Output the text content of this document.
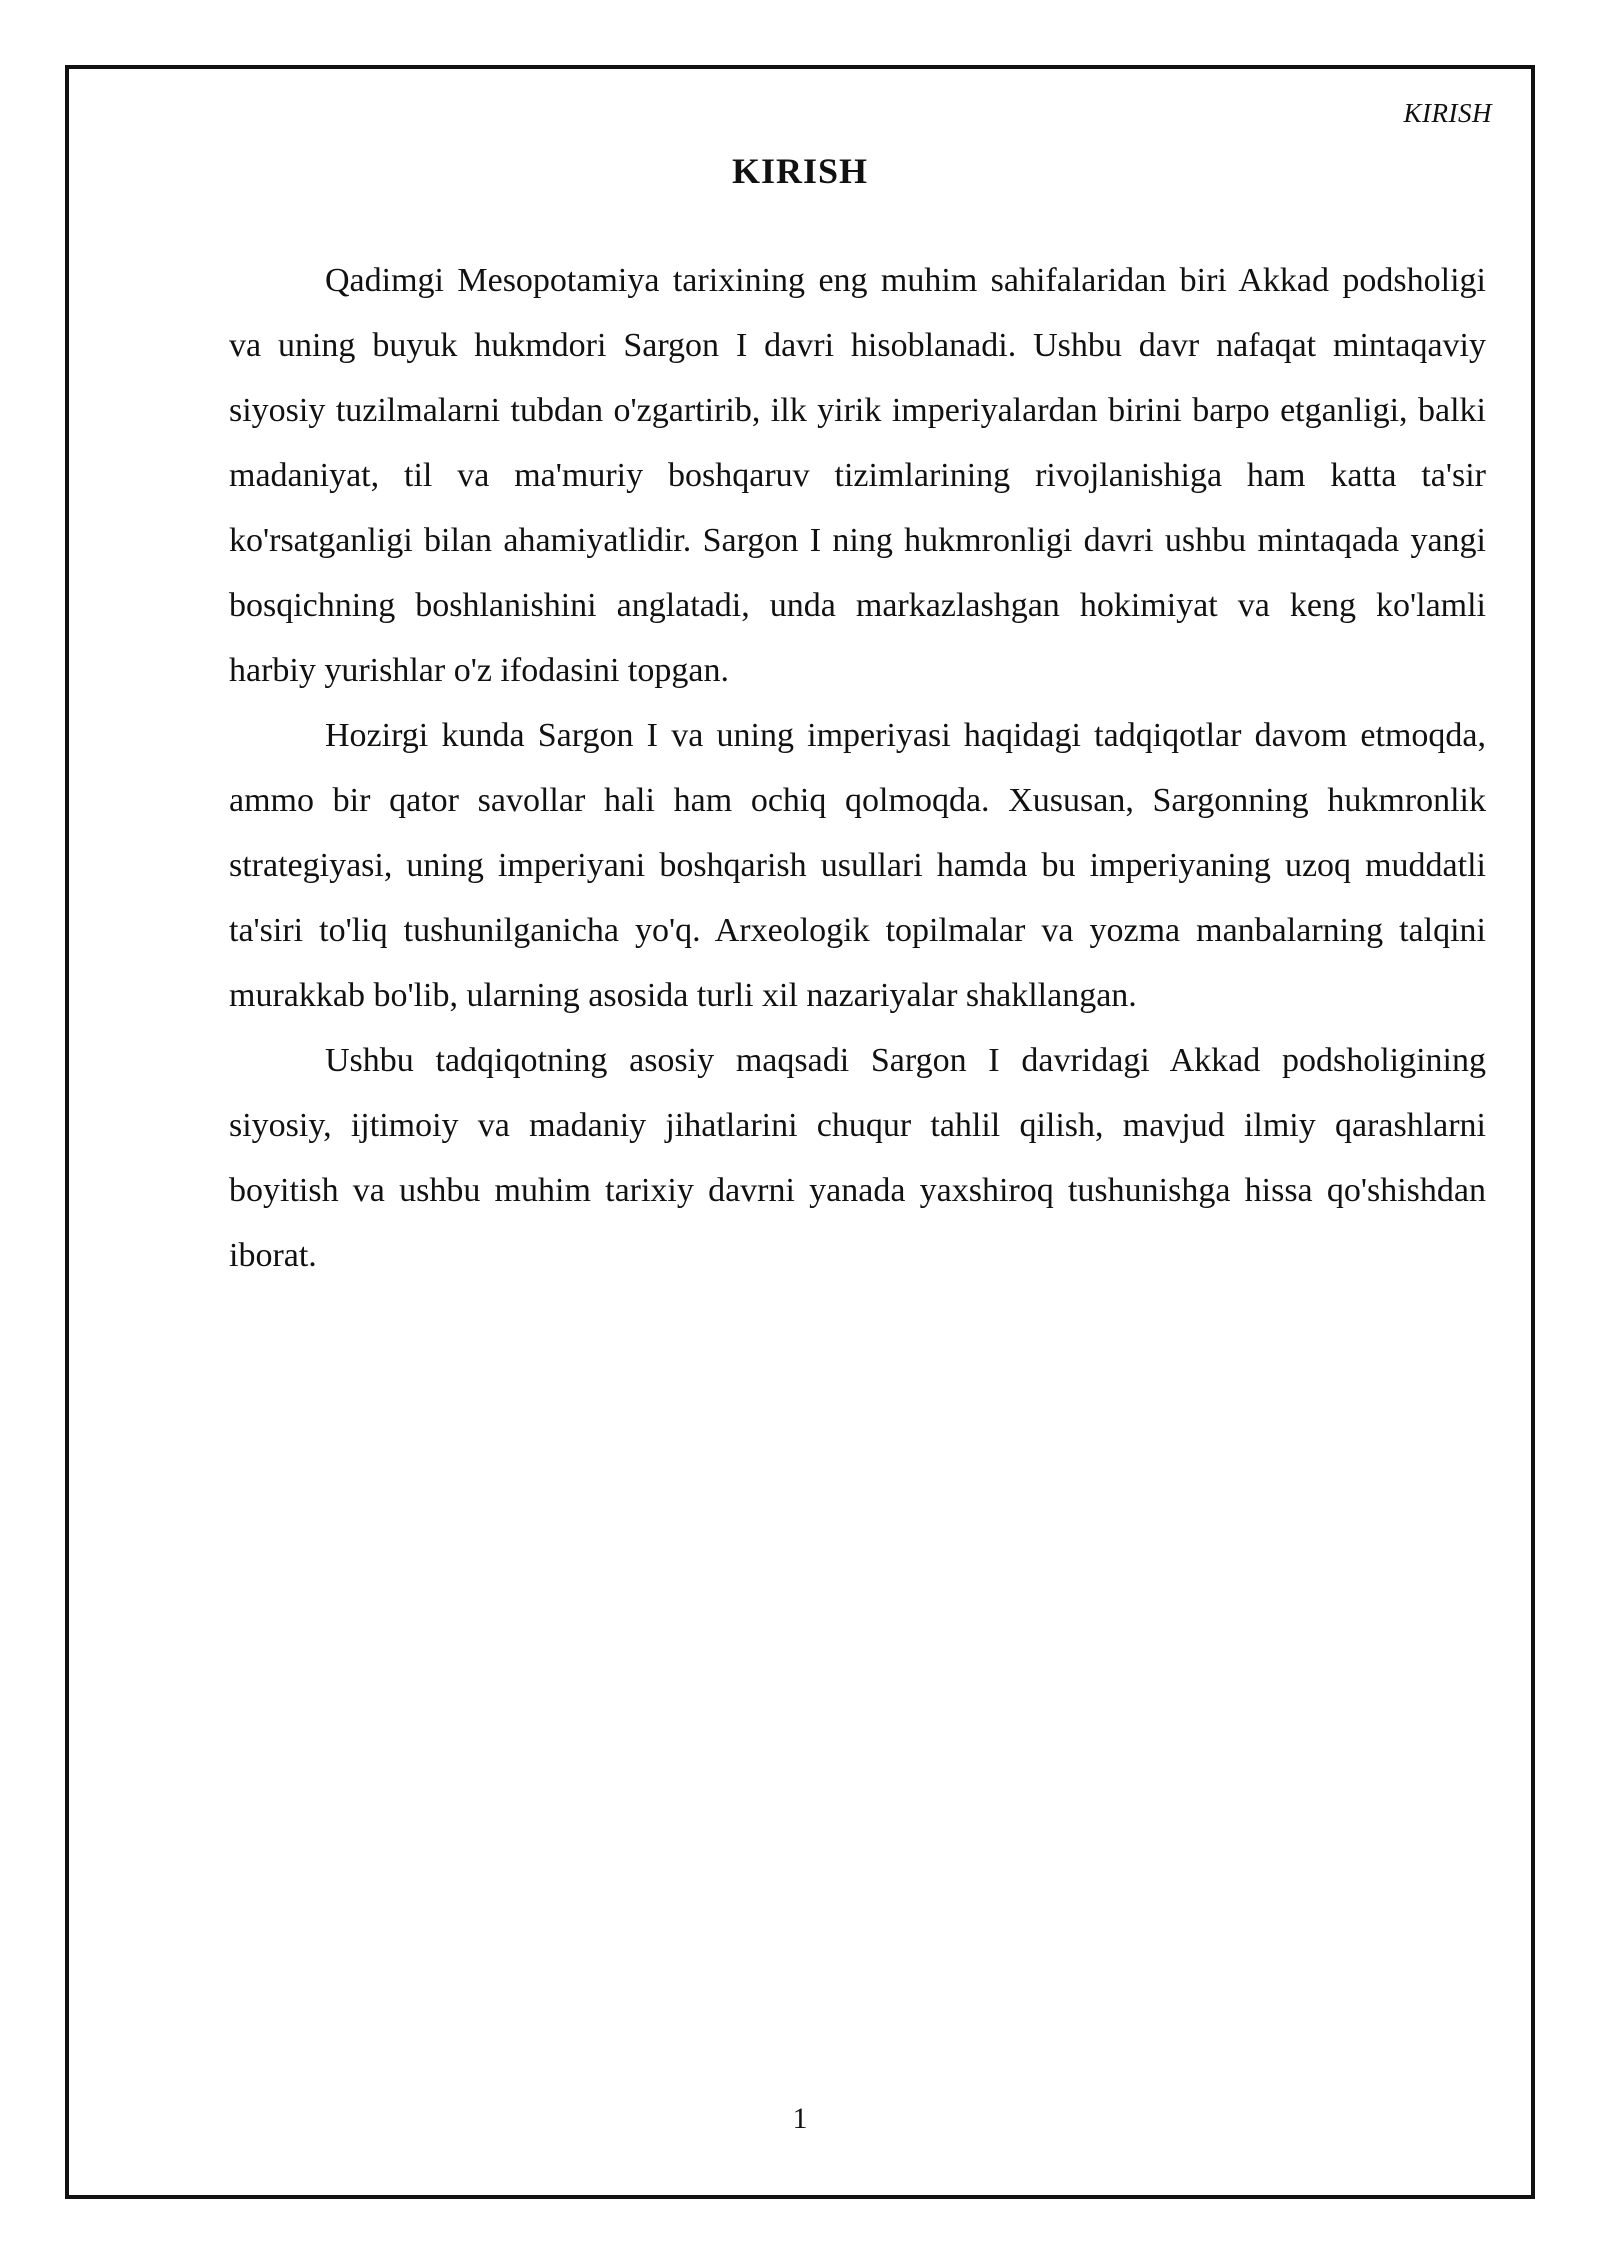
KIRISH
KIRISH

Qadimgi Mesopotamiya tarixining eng muhim sahifalaridan biri Akkad podsholigi va uning buyuk hukmdori Sargon I davri hisoblanadi. Ushbu davr nafaqat mintaqaviy siyosiy tuzilmalarni tubdan o'zgartirib, ilk yirik imperiyalardan birini barpo etganligi, balki madaniyat, til va ma'muriy boshqaruv tizimlarining rivojlanishiga ham katta ta'sir ko'rsatganligi bilan ahamiyatlidir. Sargon I ning hukmronligi davri ushbu mintaqada yangi bosqichning boshlanishini anglatadi, unda markazlashgan hokimiyat va keng ko'lamli harbiy yurishlar o'z ifodasini topgan.

Hozirgi kunda Sargon I va uning imperiyasi haqidagi tadqiqotlar davom etmoqda, ammo bir qator savollar hali ham ochiq qolmoqda. Xususan, Sargonning hukmronlik strategiyasi, uning imperiyani boshqarish usullari hamda bu imperiyaning uzoq muddatli ta'siri to'liq tushunilganicha yo'q. Arxeologik topilmalar va yozma manbalarning talqini murakkab bo'lib, ularning asosida turli xil nazariyalar shakllangan.

Ushbu tadqiqotning asosiy maqsadi Sargon I davridagi Akkad podsholigining siyosiy, ijtimoiy va madaniy jihatlarini chuqur tahlil qilish, mavjud ilmiy qarashlarni boyitish va ushbu muhim tarixiy davrni yanada yaxshiroq tushunishga hissa qo'shishdan iborat.

1
